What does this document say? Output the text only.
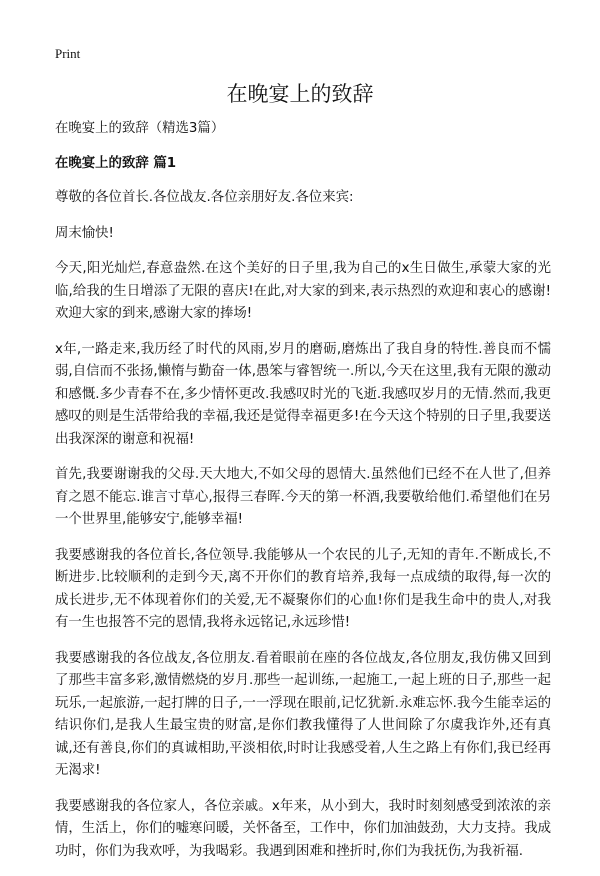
Print
在晚宴上的致辞

在晚宴上的致辞（精选3篇）

在晚宴上的致辞 篇1

尊敬的各位首长.各位战友.各位亲朋好友.各位来宾:

周末愉快!

今天,阳光灿烂,春意盎然.在这个美好的日子里,我为自己的x生日做生,承蒙大家的光临,给我的生日增添了无限的喜庆!在此,对大家的到来,表示热烈的欢迎和衷心的感谢!欢迎大家的到来,感谢大家的捧场!

x年,一路走来,我历经了时代的风雨,岁月的磨砺,磨炼出了我自身的特性.善良而不懦弱,自信而不张扬,懒惰与勤奋一体,愚笨与睿智统一.所以,今天在这里,我有无限的激动和感慨.多少青春不在,多少情怀更改.我感叹时光的飞逝.我感叹岁月的无情.然而,我更感叹的则是生活带给我的幸福,我还是觉得幸福更多!在今天这个特别的日子里,我要送出我深深的谢意和祝福!

首先,我要谢谢我的父母.天大地大,不如父母的恩情大.虽然他们已经不在人世了,但养育之恩不能忘.谁言寸草心,报得三春晖.今天的第一杯酒,我要敬给他们.希望他们在另一个世界里,能够安宁,能够幸福!

我要感谢我的各位首长,各位领导.我能够从一个农民的儿子,无知的青年.不断成长,不断进步.比较顺利的走到今天,离不开你们的教育培养,我每一点成绩的取得,每一次的成长进步,无不体现着你们的关爱,无不凝聚你们的心血!你们是我生命中的贵人,对我有一生也报答不完的恩情,我将永远铭记,永远珍惜!

我要感谢我的各位战友,各位朋友.看着眼前在座的各位战友,各位朋友,我仿佛又回到了那些丰富多彩,激情燃烧的岁月.那些一起训练,一起施工,一起上班的日子,那些一起玩乐,一起旅游,一起打牌的日子,一一浮现在眼前,记忆犹新.永难忘怀.我今生能幸运的结识你们,是我人生最宝贵的财富,是你们教我懂得了人世间除了尔虞我诈外,还有真诚,还有善良,你们的真诚相助,平淡相依,时时让我感受着,人生之路上有你们,我已经再无渴求!

我要感谢我的各位家人，各位亲戚。x年来，从小到大，我时时刻刻感受到浓浓的亲情，生活上，你们的嘘寒问暖，关怀备至，工作中，你们加油鼓劲，大力支持。我成功时，你们为我欢呼，为我喝彩。我遇到困难和挫折时,你们为我抚伤,为我祈福.
